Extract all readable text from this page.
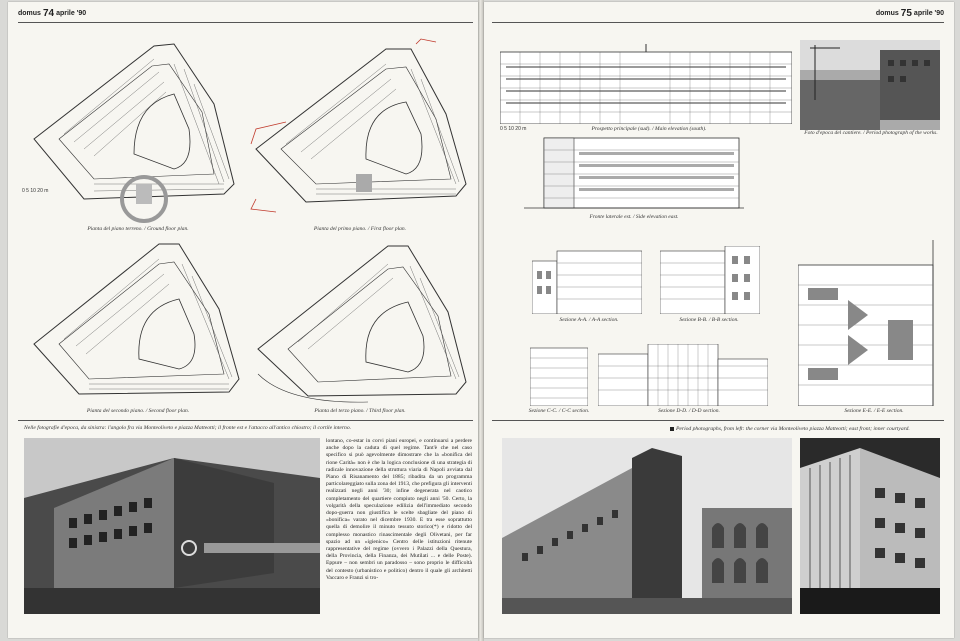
domus 74 aprile '90
0 5 10 20 m
Pianta del piano terreno. / Ground floor plan.	Pianta del primo piano. / First floor plan.
Pianta del secondo piano. / Second floor plan.	Pianta del terzo piano. / Third floor plan.
Nelle fotografie d'epoca, da sinistra: l'angolo fra via Monteoliveto e piazza Matteotti; il fronte est e l'attacco all'antico chiostro; il cortile interno.

lontano, co-estar in corvi piani europei, e continuarsi a perdere anche dopo la caduta di quel regime. Tant'è che nel caso specifico si può agevolmente dimostrare che la «bonifica del rione Carità» non è che la logica conclusione di una strategia di radicale innovazione della struttura viaria di Napoli avviata dal Piano di Risanamento del 1885; ribadita da un programma particolareggiato sulla zona del 1913, che prefigura gli interventi realizzati negli anni '30; infine degenerata nel caotico completamento del quartiere compiuto negli anni '50. Certo, la volgarità della speculazione edilizia dell'immediato secondo dopo-guerra non giustifica le scelte sbagliate del piano di «bonifica» varato nel dicembre 1930. E tra esse soprattutto quella di demolire il minuto tessuto storico(*) e ridotto del complesso monastico rinascimentale degli Olivetani, per far spazio ad un «igienico» Centro delle istituzioni ritenute rappresentative del regime (ovvero i Palazzi della Questura, della Provincia, della Finanza, dei Mutilati ... e delle Poste). Eppure – non sembri un paradosso – sono proprio le difficoltà del contesto (urbanistico e politico) dentro il quale gli architetti Vaccaro e Franzi si tro-

domus 75 aprile '90
0 5 10 20 m	Prospetto principale (sud). / Main elevation (south).
Foto d'epoca del cantiere. / Period photograph of the works.
Fronte laterale est. / Side elevation east.
Sezione A-A. / A-A section.	Sezione B-B. / B-B section.
Sezione C-C. / C-C section.	Sezione D-D. / D-D section.	Sezione E-E. / E-E section.
Period photographs, from left: the corner via Monteoliveto piazza Matteotti; east front; inner courtyard.
